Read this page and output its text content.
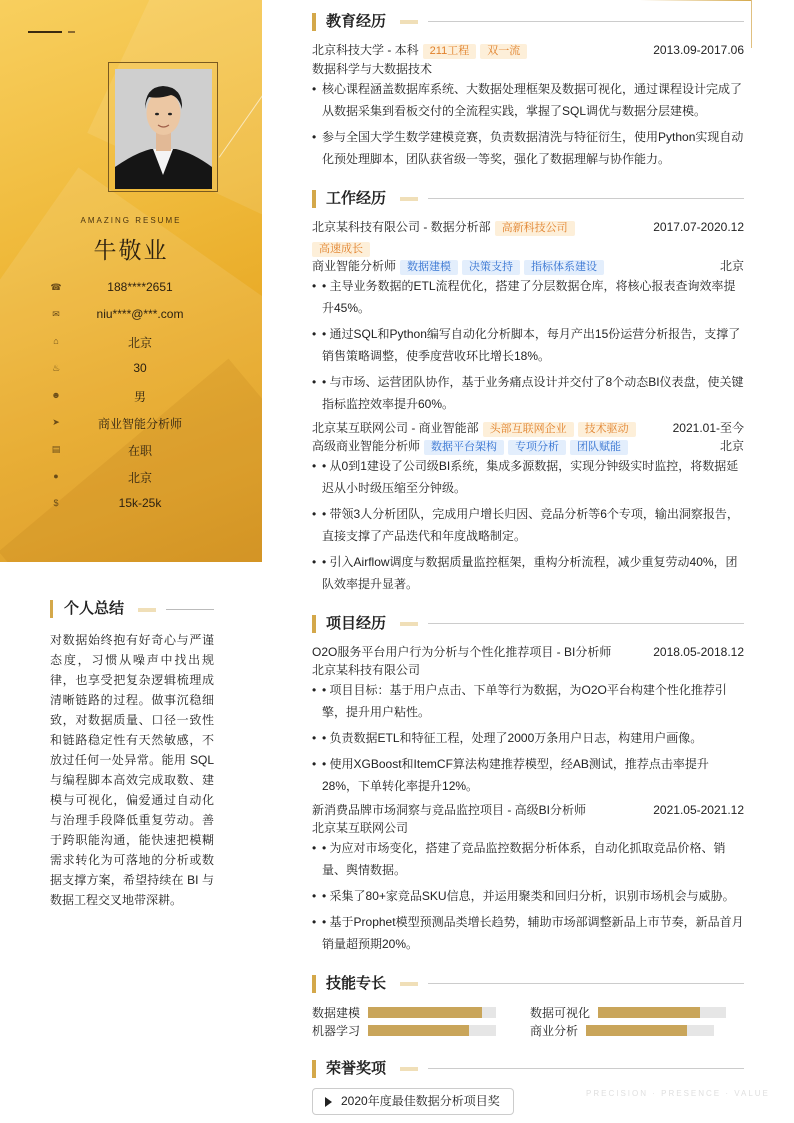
AMAZING RESUME
牛敬业
☎	188****2651
✉	niu****@***.com
⌂	北京
♨	30
☻	男
➤	商业智能分析师
▤	在职
●	北京
$	15k-25k
个人总结
对数据始终抱有好奇心与严谨态度，习惯从噪声中找出规律，也享受把复杂逻辑梳理成清晰链路的过程。做事沉稳细致，对数据质量、口径一致性和链路稳定性有天然敏感，不放过任何一处异常。能用 SQL 与编程脚本高效完成取数、建模与可视化，偏爱通过自动化与治理手段降低重复劳动。善于跨职能沟通，能快速把模糊需求转化为可落地的分析或数据支撑方案，希望持续在 BI 与数据工程交叉地带深耕。
教育经历
北京科技大学 - 本科 211工程 双一流	2013.09-2017.06
数据科学与大数据技术
• 核心课程涵盖数据库系统、大数据处理框架及数据可视化，通过课程设计完成了从数据采集到看板交付的全流程实践，掌握了SQL调优与数据分层建模。
• 参与全国大学生数学建模竞赛，负责数据清洗与特征衍生，使用Python实现自动化预处理脚本，团队获省级一等奖，强化了数据理解与协作能力。
工作经历
北京某科技有限公司 - 数据分析部 高新科技公司	2017.07-2020.12
高速成长
商业智能分析师 数据建模 决策支持 指标体系建设	北京
• • 主导业务数据的ETL流程优化，搭建了分层数据仓库，将核心报表查询效率提升45%。
• • 通过SQL和Python编写自动化分析脚本，每月产出15份运营分析报告，支撑了销售策略调整，使季度营收环比增长18%。
• • 与市场、运营团队协作，基于业务痛点设计并交付了8个动态BI仪表盘，使关键指标监控效率提升60%。
北京某互联网公司 - 商业智能部 头部互联网企业 技术驱动	2021.01-至今
高级商业智能分析师 数据平台架构 专项分析 团队赋能	北京
• • 从0到1建设了公司级BI系统，集成多源数据，实现分钟级实时监控，将数据延迟从小时级压缩至分钟级。
• • 带领3人分析团队，完成用户增长归因、竞品分析等6个专项，输出洞察报告，直接支撑了产品迭代和年度战略制定。
• • 引入Airflow调度与数据质量监控框架，重构分析流程，减少重复劳动40%，团队效率提升显著。
项目经历
O2O服务平台用户行为分析与个性化推荐项目 - BI分析师	2018.05-2018.12
北京某科技有限公司
• • 项目目标：基于用户点击、下单等行为数据，为O2O平台构建个性化推荐引擎，提升用户粘性。
• • 负责数据ETL和特征工程，处理了2000万条用户日志，构建用户画像。
• • 使用XGBoost和ItemCF算法构建推荐模型，经AB测试，推荐点击率提升28%，下单转化率提升12%。
新消费品牌市场洞察与竞品监控项目 - 高级BI分析师	2021.05-2021.12
北京某互联网公司
• • 为应对市场变化，搭建了竞品监控数据分析体系，自动化抓取竞品价格、销量、舆情数据。
• • 采集了80+家竞品SKU信息，并运用聚类和回归分析，识别市场机会与威胁。
• • 基于Prophet模型预测品类增长趋势，辅助市场部调整新品上市节奏，新品首月销量超预期20%。
技能专长
数据建模	数据可视化
机器学习	商业分析
荣誉奖项
2020年度最佳数据分析项目奖
PRECISION · PRESENCE · VALUE
